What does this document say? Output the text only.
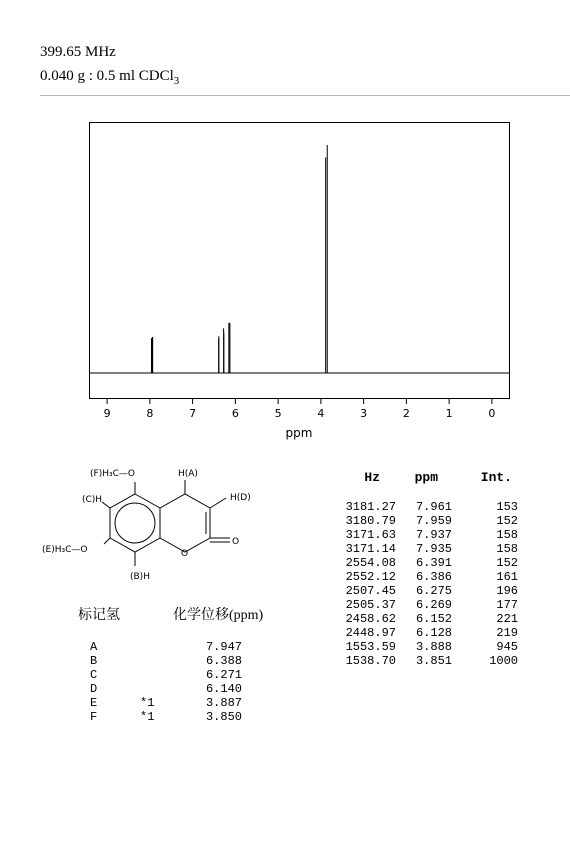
399.65 MHz
0.040 g : 0.5 ml CDCl$_3$
9	8	7	6	5	4	3	2	1	0
ppm
(F)H₃C—O	H(A)
(C)H	H(D)
(E)H₃C—O	O
O
(B)H
标记氢	化学位移(ppm)
A	7.947
B	6.388
C	6.271
D	6.140
E	*1	3.887
F	*1	3.850
Hz	ppm	Int.
3181.27	7.961	153
3180.79	7.959	152
3171.63	7.937	158
3171.14	7.935	158
2554.08	6.391	152
2552.12	6.386	161
2507.45	6.275	196
2505.37	6.269	177
2458.62	6.152	221
2448.97	6.128	219
1553.59	3.888	945
1538.70	3.851	1000
